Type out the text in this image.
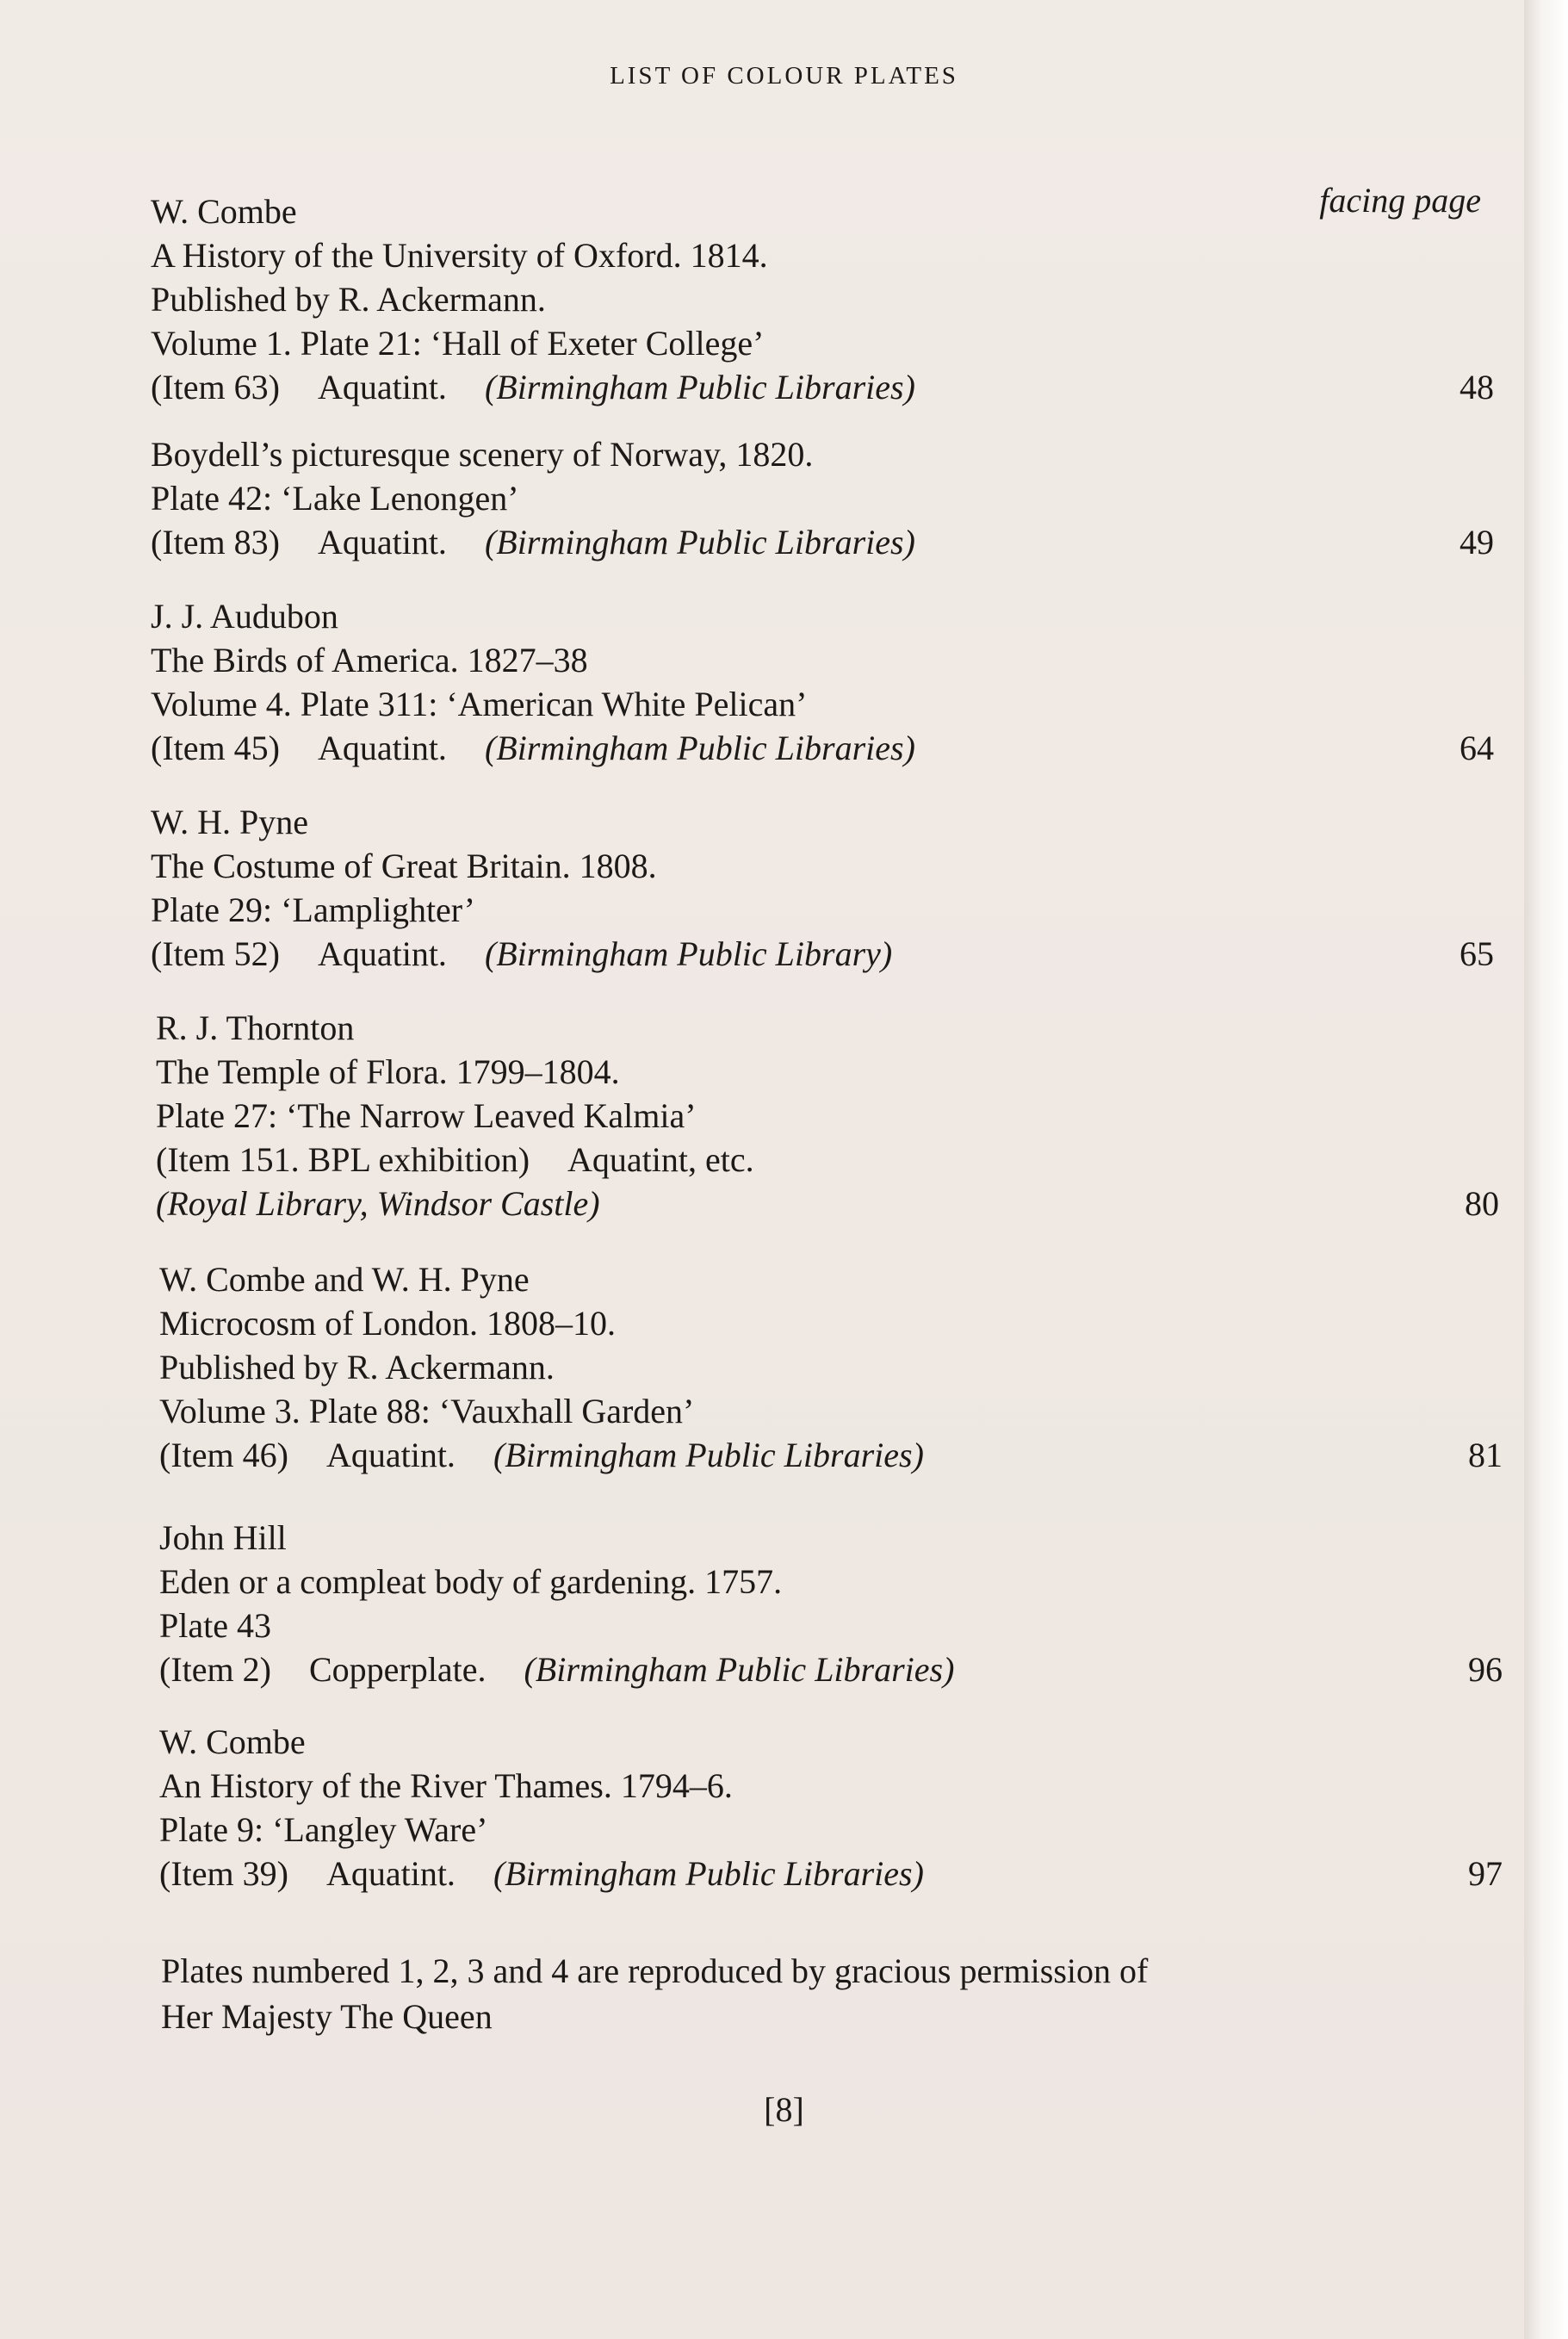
LIST OF COLOUR PLATES
facing page
W. Combe
A History of the University of Oxford. 1814.
Published by R. Ackermann.
Volume 1. Plate 21: ‘Hall of Exeter College’
(Item 63) Aquatint. (Birmingham Public Libraries)	48
Boydell’s picturesque scenery of Norway, 1820.
Plate 42: ‘Lake Lenongen’
(Item 83) Aquatint. (Birmingham Public Libraries)	49
J. J. Audubon
The Birds of America. 1827–38
Volume 4. Plate 311: ‘American White Pelican’
(Item 45) Aquatint. (Birmingham Public Libraries)	64
W. H. Pyne
The Costume of Great Britain. 1808.
Plate 29: ‘Lamplighter’
(Item 52) Aquatint. (Birmingham Public Library)	65
R. J. Thornton
The Temple of Flora. 1799–1804.
Plate 27: ‘The Narrow Leaved Kalmia’
(Item 151. BPL exhibition) Aquatint, etc.
(Royal Library, Windsor Castle)	80
W. Combe and W. H. Pyne
Microcosm of London. 1808–10.
Published by R. Ackermann.
Volume 3. Plate 88: ‘Vauxhall Garden’
(Item 46) Aquatint. (Birmingham Public Libraries)	81
John Hill
Eden or a compleat body of gardening. 1757.
Plate 43
(Item 2) Copperplate. (Birmingham Public Libraries)	96
W. Combe
An History of the River Thames. 1794–6.
Plate 9: ‘Langley Ware’
(Item 39) Aquatint. (Birmingham Public Libraries)	97
Plates numbered 1, 2, 3 and 4 are reproduced by gracious permission of Her Majesty The Queen
[8]
